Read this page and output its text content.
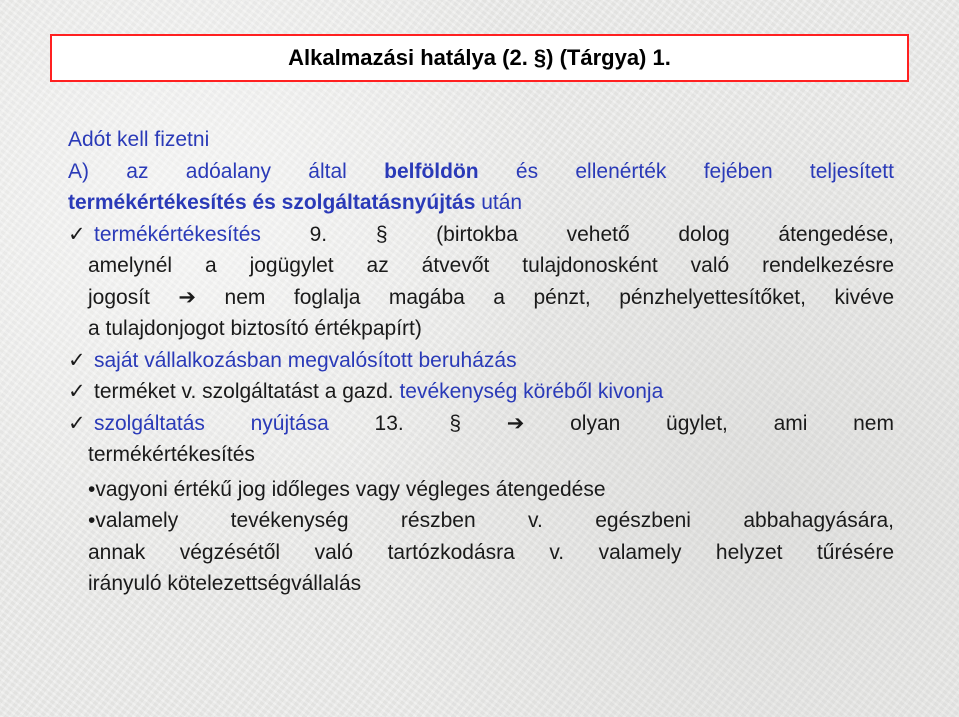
Alkalmazási hatálya (2. §) (Tárgya) 1.
Adót kell fizetni
A) az adóalany által belföldön és ellenérték fejében teljesített
termékértékesítés és szolgáltatásnyújtás után
✓ termékértékesítés 9. § (birtokba vehető dolog átengedése,
amelynél a jogügylet az átvevőt tulajdonosként való rendelkezésre
jogosít ➔ nem foglalja magába a pénzt, pénzhelyettesítőket, kivéve
a tulajdonjogot biztosító értékpapírt)
✓ saját vállalkozásban megvalósított beruházás
✓ terméket v. szolgáltatást a gazd. tevékenység köréből kivonja
✓ szolgáltatás nyújtása 13. § ➔ olyan ügylet, ami nem
termékértékesítés
•vagyoni értékű jog időleges vagy végleges átengedése
•valamely tevékenység részben v. egészbeni abbahagyására,
annak végzésétől való tartózkodásra v. valamely helyzet tűrésére
irányuló kötelezettségvállalás
